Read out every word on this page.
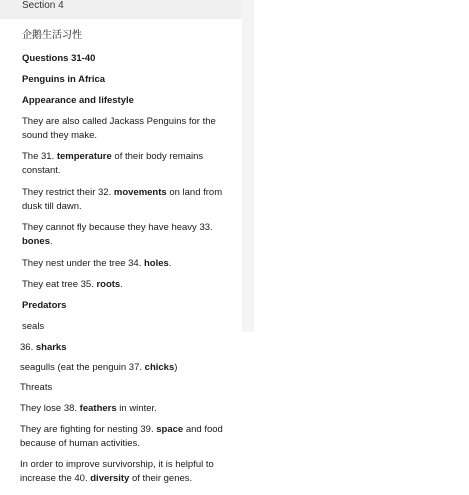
Section 4
企鹅生活习性
Questions 31-40
Penguins in Africa
Appearance and lifestyle
They are also called Jackass Penguins for the sound they make.
The 31. temperature of their body remains constant.
They restrict their 32. movements on land from dusk till dawn.
They cannot fly because they have heavy 33. bones.
They nest under the tree 34. holes.
They eat tree 35. roots.
Predators
seals
36. sharks
seagulls (eat the penguin 37. chicks)
Threats
They lose 38. feathers in winter.
They are fighting for nesting 39. space and food because of human activities.
In order to improve survivorship, it is helpful to increase the 40. diversity of their genes.
